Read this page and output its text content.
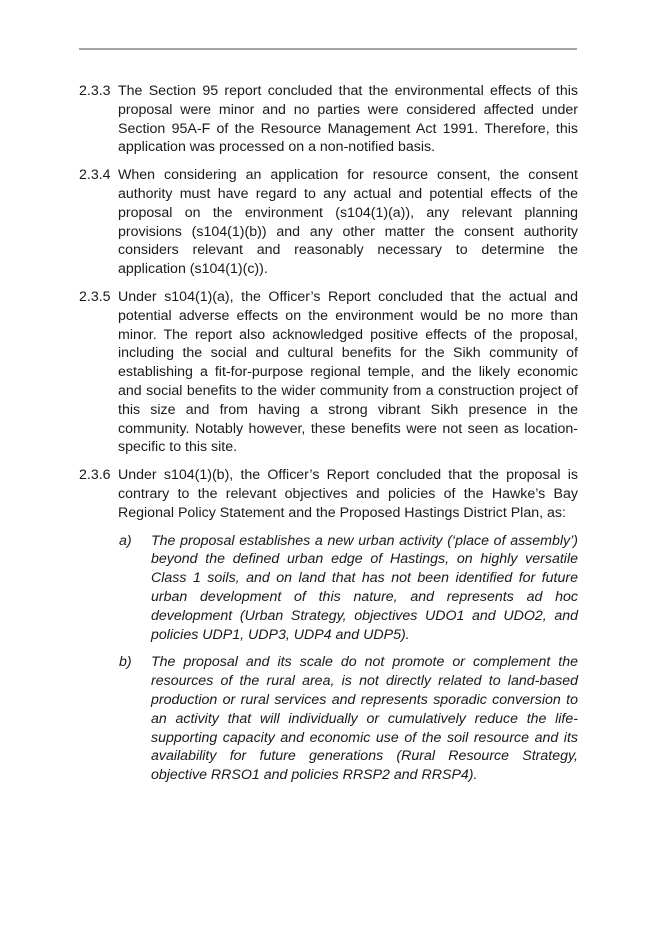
2.3.3 The Section 95 report concluded that the environmental effects of this proposal were minor and no parties were considered affected under Section 95A-F of the Resource Management Act 1991. Therefore, this application was processed on a non-notified basis.
2.3.4 When considering an application for resource consent, the consent authority must have regard to any actual and potential effects of the proposal on the environment (s104(1)(a)), any relevant planning provisions (s104(1)(b)) and any other matter the consent authority considers relevant and reasonably necessary to determine the application (s104(1)(c)).
2.3.5 Under s104(1)(a), the Officer’s Report concluded that the actual and potential adverse effects on the environment would be no more than minor. The report also acknowledged positive effects of the proposal, including the social and cultural benefits for the Sikh community of establishing a fit-for-purpose regional temple, and the likely economic and social benefits to the wider community from a construction project of this size and from having a strong vibrant Sikh presence in the community. Notably however, these benefits were not seen as location-specific to this site.
2.3.6 Under s104(1)(b), the Officer’s Report concluded that the proposal is contrary to the relevant objectives and policies of the Hawke’s Bay Regional Policy Statement and the Proposed Hastings District Plan, as:
a) The proposal establishes a new urban activity (‘place of assembly’) beyond the defined urban edge of Hastings, on highly versatile Class 1 soils, and on land that has not been identified for future urban development of this nature, and represents ad hoc development (Urban Strategy, objectives UDO1 and UDO2, and policies UDP1, UDP3, UDP4 and UDP5).
b) The proposal and its scale do not promote or complement the resources of the rural area, is not directly related to land-based production or rural services and represents sporadic conversion to an activity that will individually or cumulatively reduce the life-supporting capacity and economic use of the soil resource and its availability for future generations (Rural Resource Strategy, objective RRSO1 and policies RRSP2 and RRSP4).
